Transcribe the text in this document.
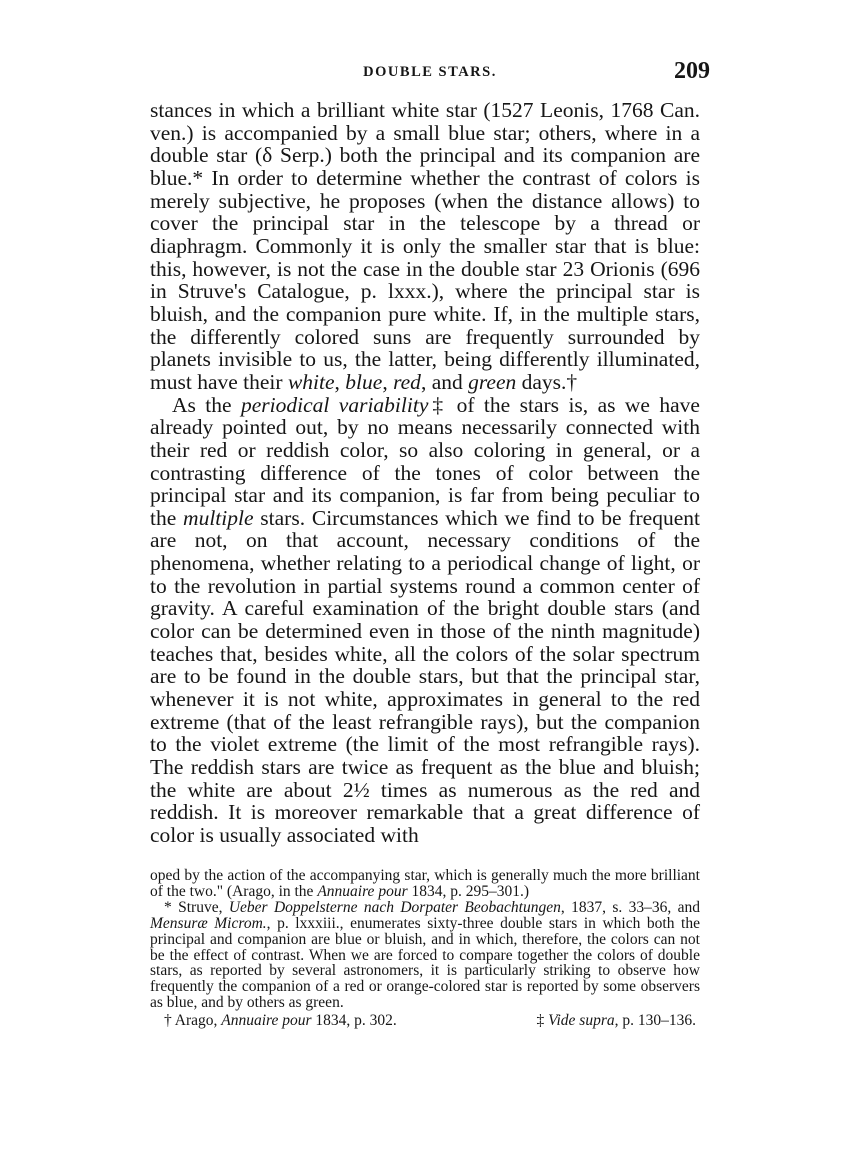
DOUBLE STARS.	209

stances in which a brilliant white star (1527 Leonis, 1768 Can. ven.) is accompanied by a small blue star; others, where in a double star (δ Serp.) both the principal and its companion are blue.* In order to determine whether the contrast of colors is merely subjective, he proposes (when the distance allows) to cover the principal star in the telescope by a thread or diaphragm. Commonly it is only the smaller star that is blue: this, however, is not the case in the double star 23 Orionis (696 in Struve's Catalogue, p. lxxx.), where the principal star is bluish, and the companion pure white. If, in the multiple stars, the differently colored suns are frequently surrounded by planets invisible to us, the latter, being differently illuminated, must have their white, blue, red, and green days.†

As the periodical variability‡ of the stars is, as we have already pointed out, by no means necessarily connected with their red or reddish color, so also coloring in general, or a contrasting difference of the tones of color between the principal star and its companion, is far from being peculiar to the multiple stars. Circumstances which we find to be frequent are not, on that account, necessary conditions of the phenomena, whether relating to a periodical change of light, or to the revolution in partial systems round a common center of gravity. A careful examination of the bright double stars (and color can be determined even in those of the ninth magnitude) teaches that, besides white, all the colors of the solar spectrum are to be found in the double stars, but that the principal star, whenever it is not white, approximates in general to the red extreme (that of the least refrangible rays), but the companion to the violet extreme (the limit of the most refrangible rays). The reddish stars are twice as frequent as the blue and bluish; the white are about 2½ times as numerous as the red and reddish. It is moreover remarkable that a great difference of color is usually associated with

oped by the action of the accompanying star, which is generally much the more brilliant of the two." (Arago, in the Annuaire pour 1834, p. 295–301.)

* Struve, Ueber Doppelsterne nach Dorpater Beobachtungen, 1837, s. 33–36, and Mensuræ Microm., p. lxxxiii., enumerates sixty-three double stars in which both the principal and companion are blue or bluish, and in which, therefore, the colors can not be the effect of contrast. When we are forced to compare together the colors of double stars, as reported by several astronomers, it is particularly striking to observe how frequently the companion of a red or orange-colored star is reported by some observers as blue, and by others as green.

† Arago, Annuaire pour 1834, p. 302.	‡ Vide supra, p. 130–136.
